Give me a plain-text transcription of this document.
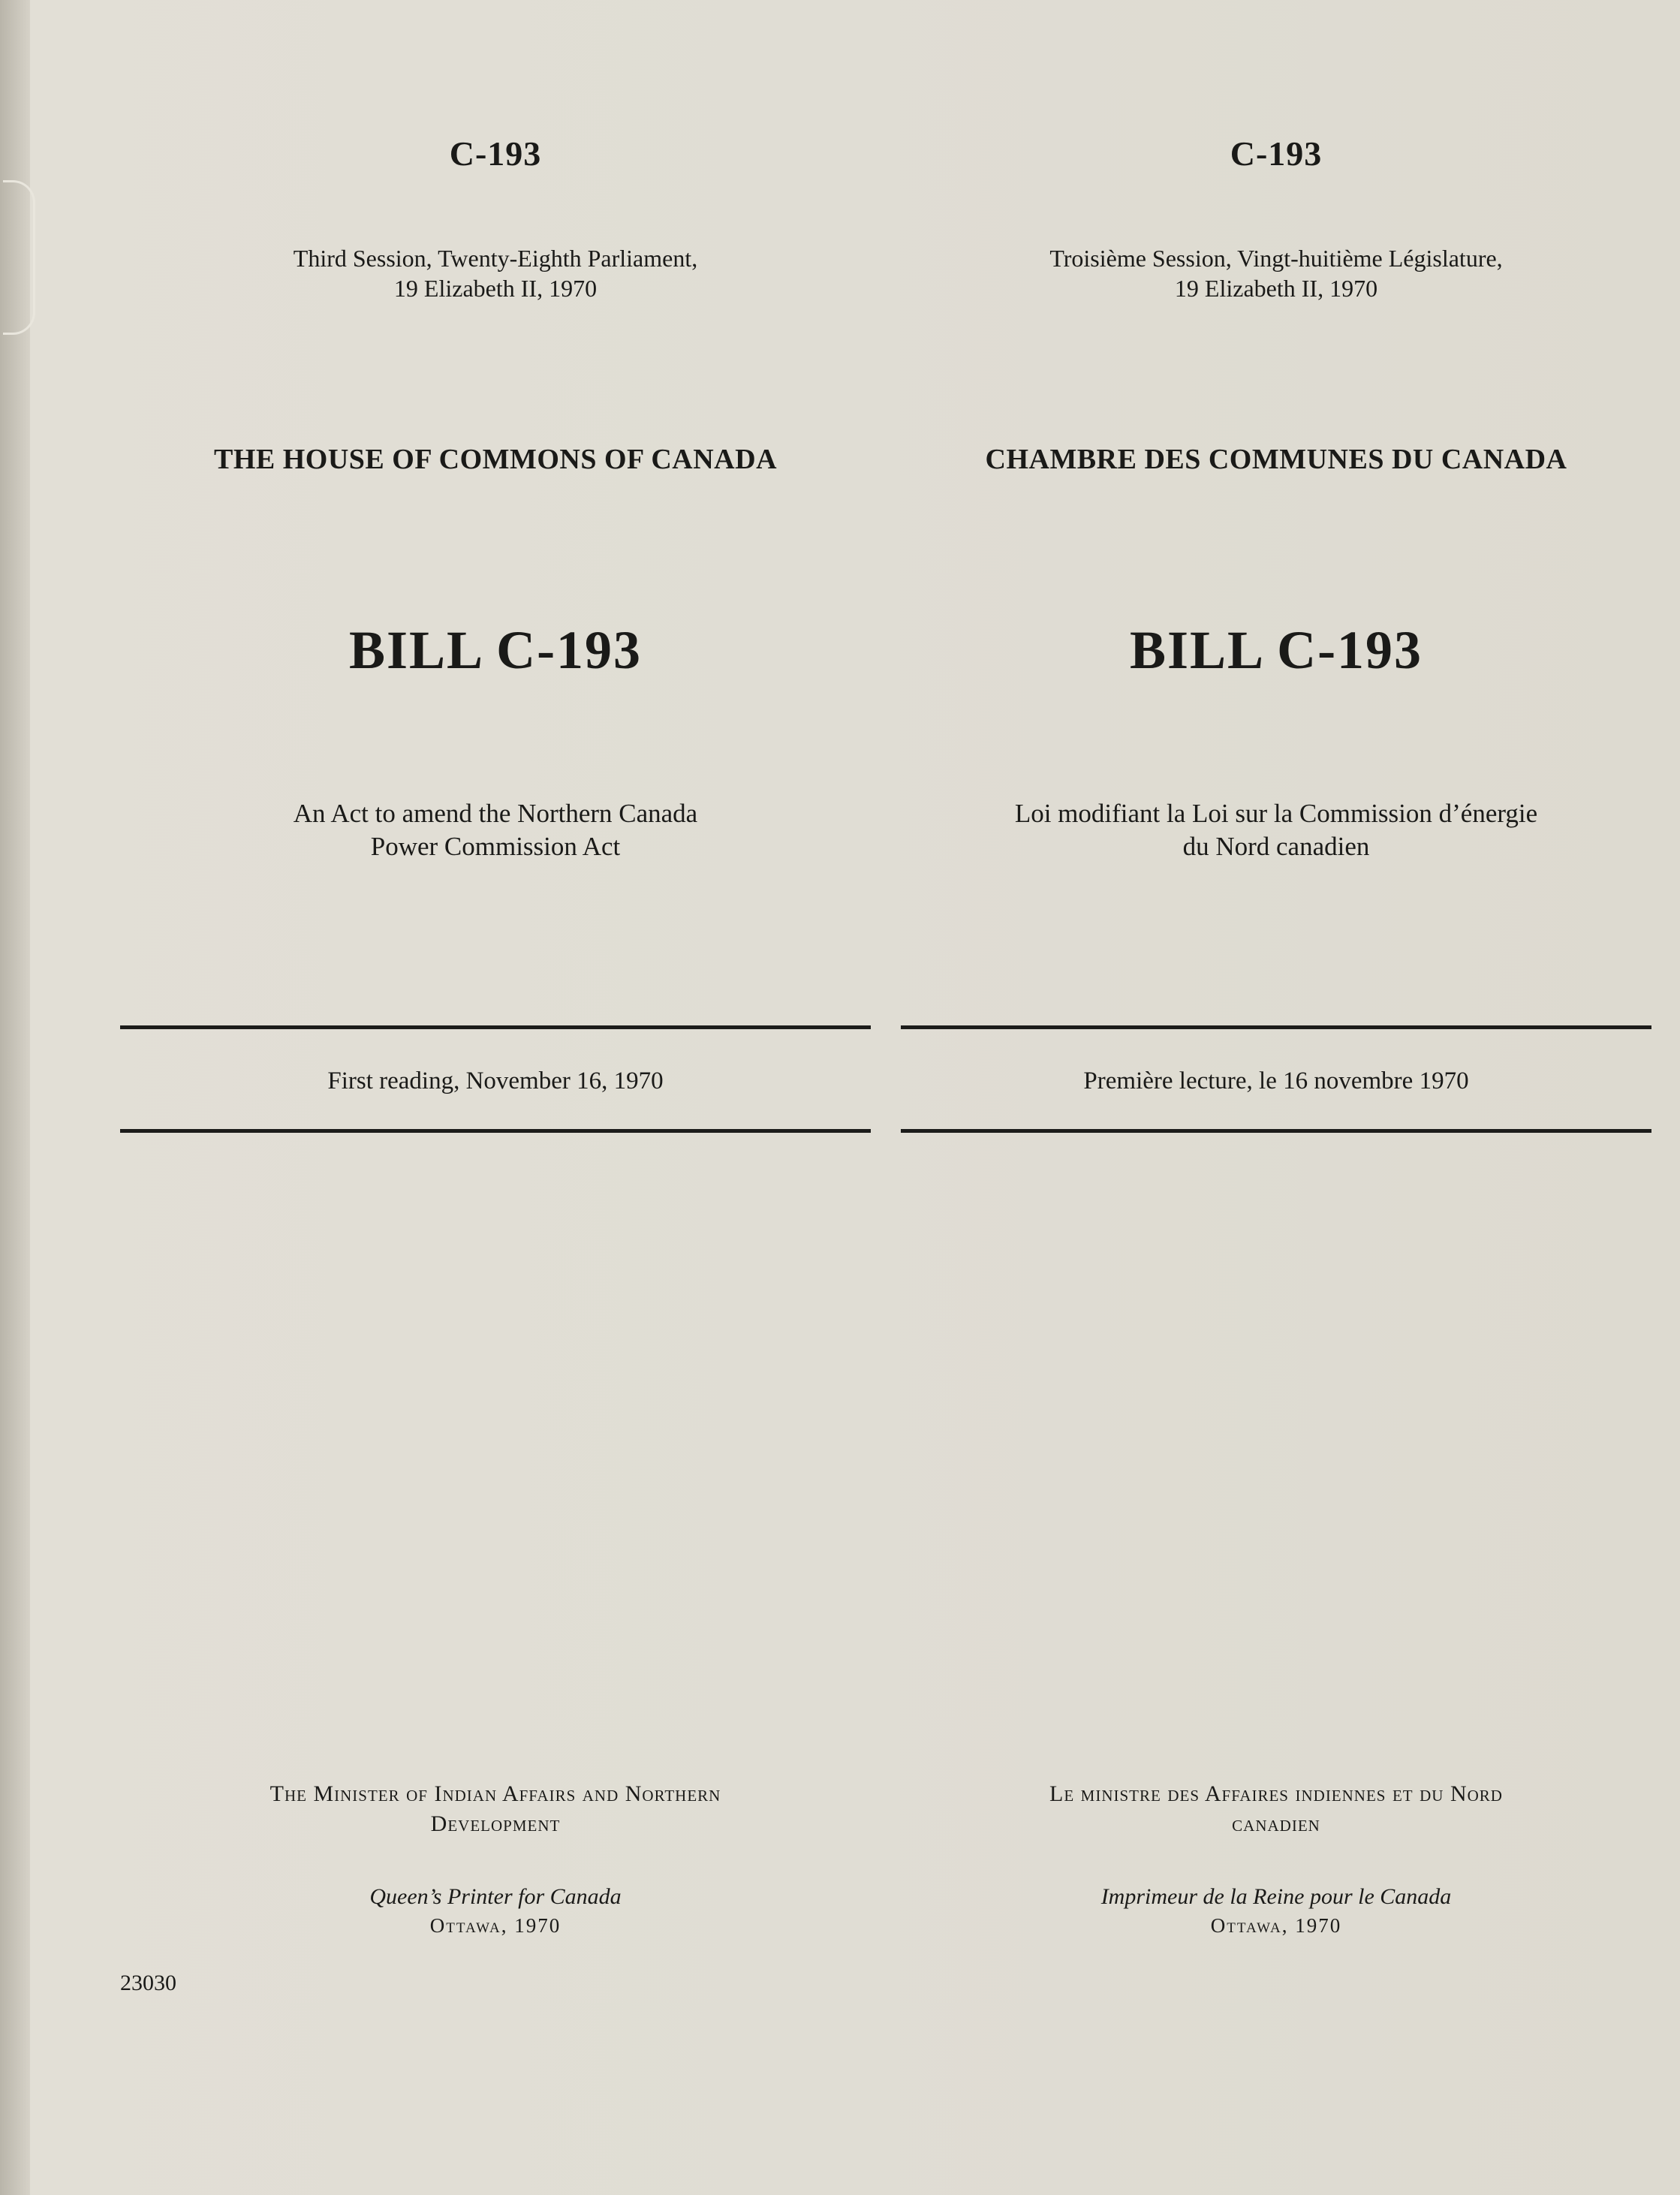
C-193
Third Session, Twenty-Eighth Parliament,
19 Elizabeth II, 1970
THE HOUSE OF COMMONS OF CANADA
BILL C-193
An Act to amend the Northern Canada
Power Commission Act
First reading, November 16, 1970
The Minister of Indian Affairs and Northern
Development
Queen’s Printer for Canada
Ottawa, 1970
23030
C-193
Troisième Session, Vingt-huitième Législature,
19 Elizabeth II, 1970
CHAMBRE DES COMMUNES DU CANADA
BILL C-193
Loi modifiant la Loi sur la Commission d’énergie
du Nord canadien
Première lecture, le 16 novembre 1970
Le ministre des Affaires indiennes et du Nord
canadien
Imprimeur de la Reine pour le Canada
Ottawa, 1970
